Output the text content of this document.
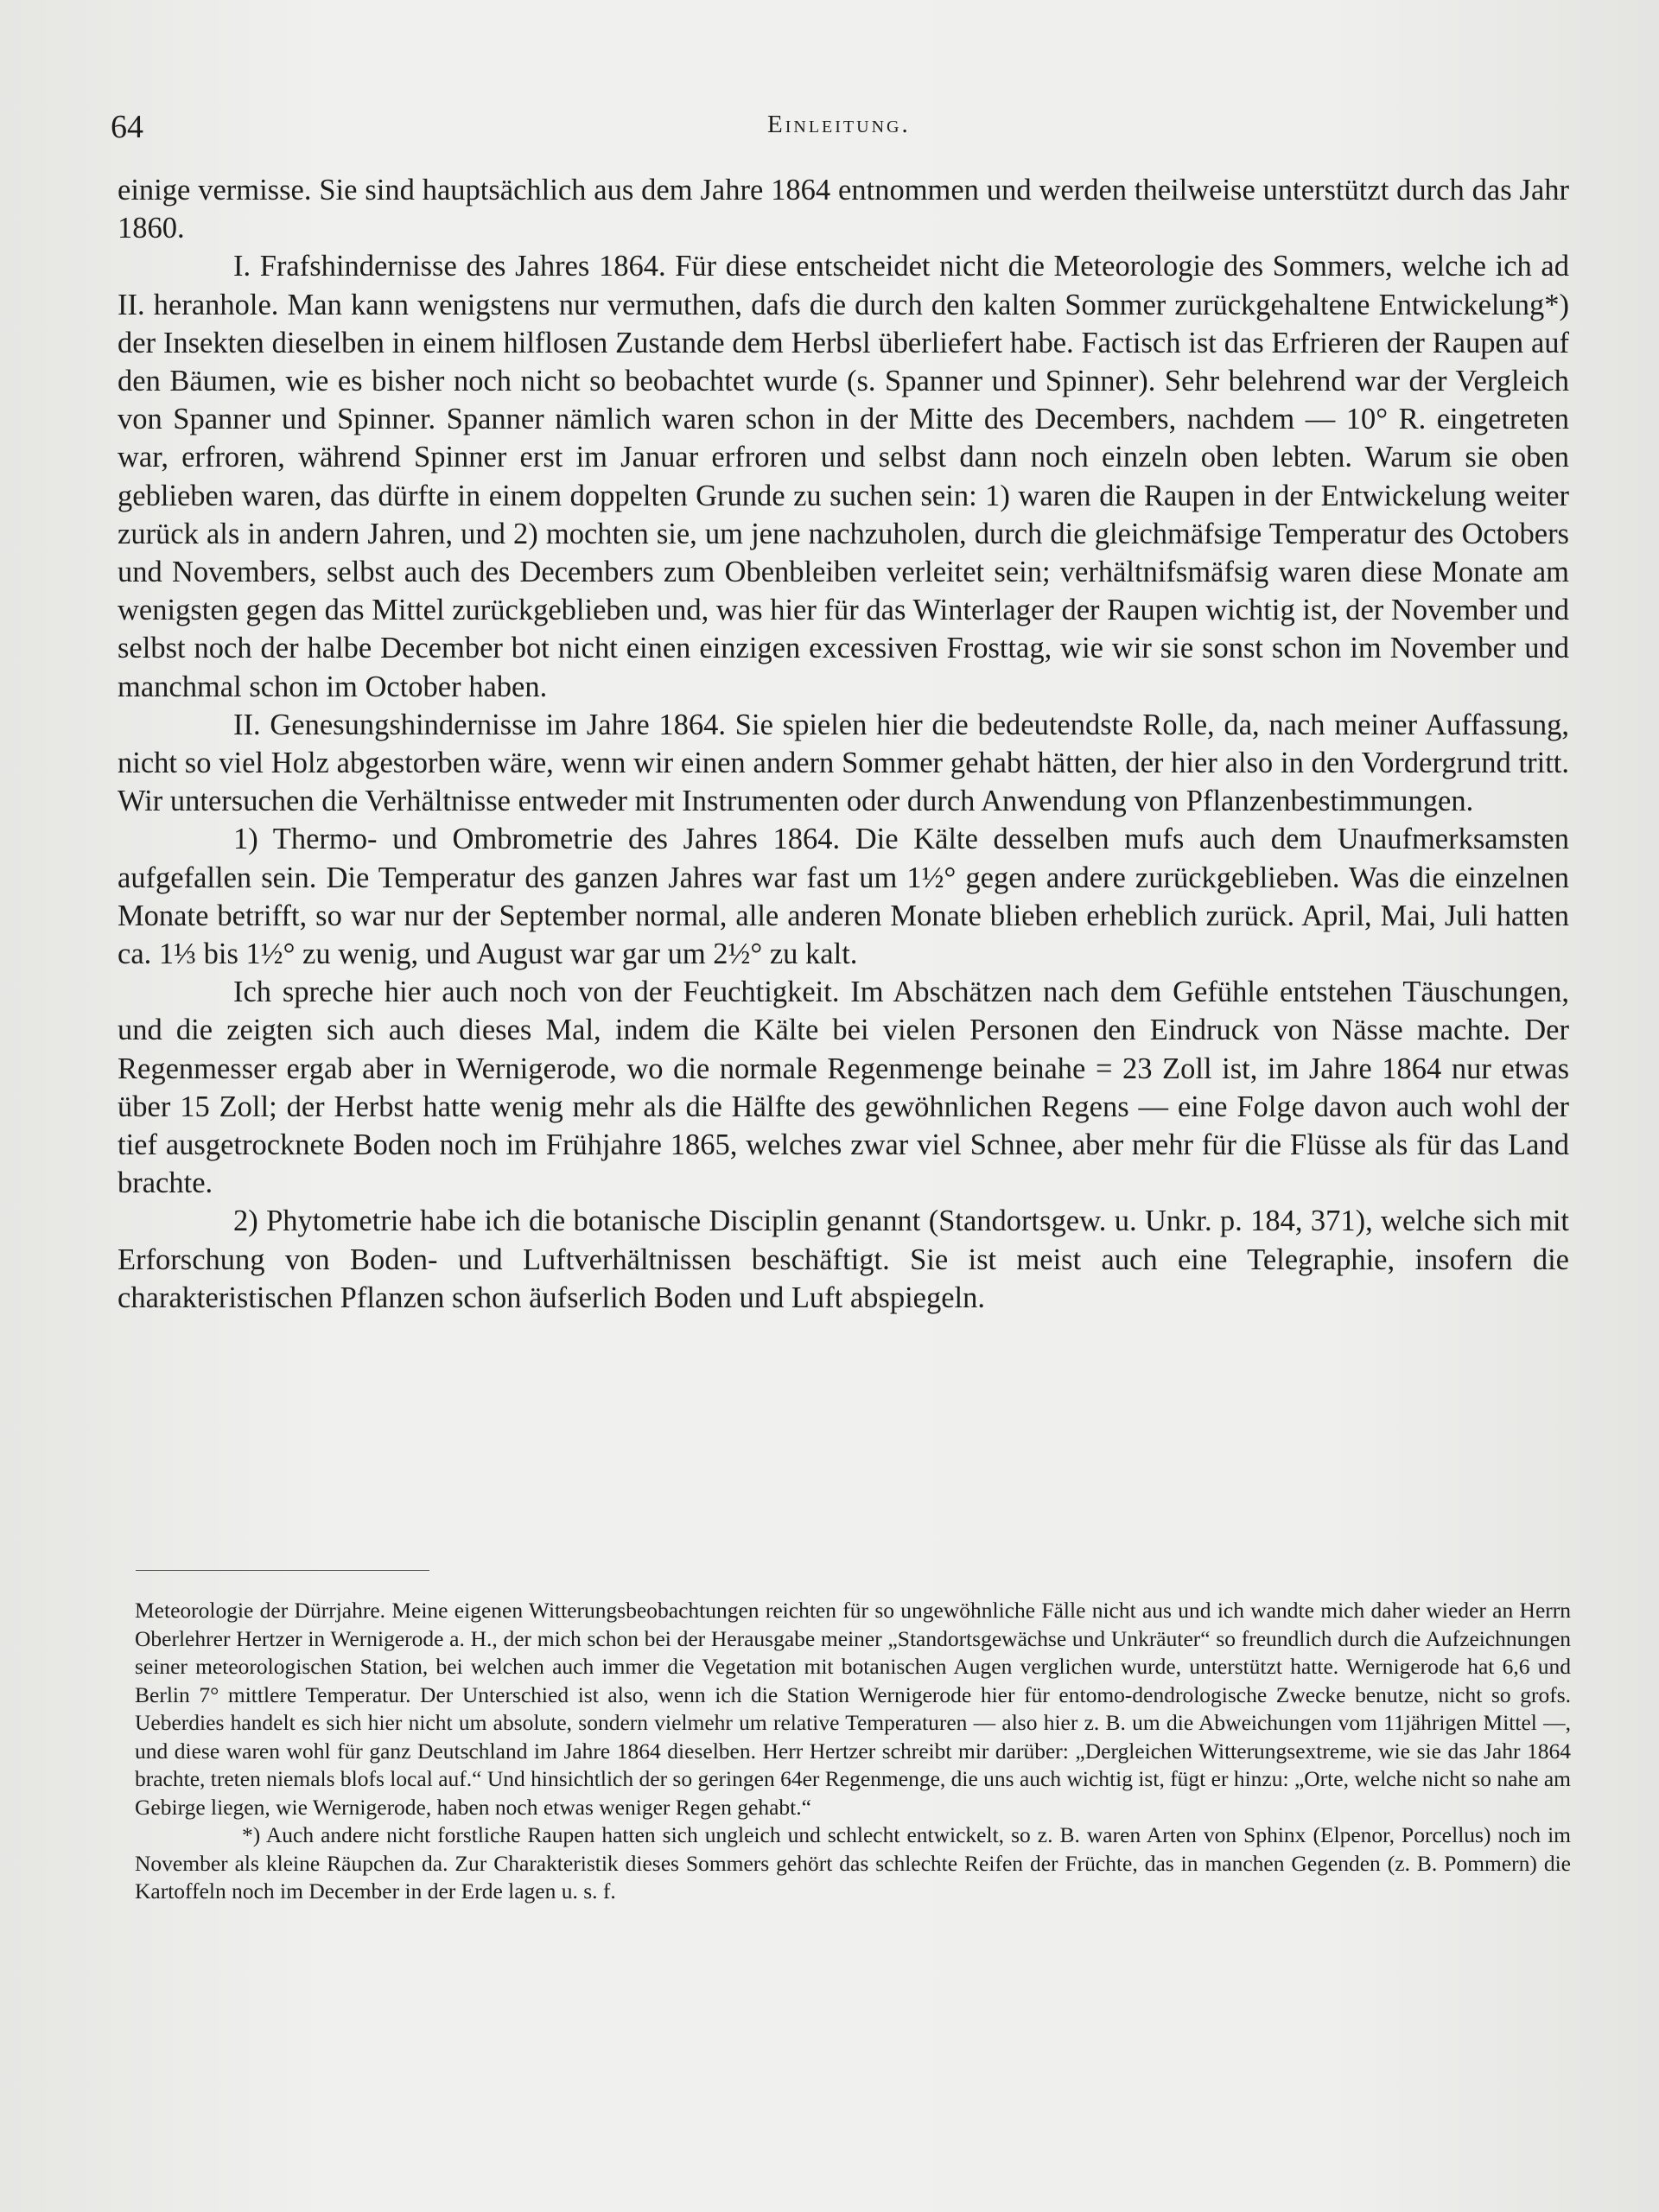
64	Einleitung.

einige vermisse. Sie sind hauptsächlich aus dem Jahre 1864 entnommen und werden theilweise unterstützt durch das Jahr 1860.

I. Frafshindernisse des Jahres 1864. Für diese entscheidet nicht die Meteorologie des Sommers, welche ich ad II. heranhole. Man kann wenigstens nur vermuthen, dafs die durch den kalten Sommer zurückgehaltene Entwickelung*) der Insekten dieselben in einem hilflosen Zustande dem Herbsl überliefert habe. Factisch ist das Erfrieren der Raupen auf den Bäumen, wie es bisher noch nicht so beobachtet wurde (s. Spanner und Spinner). Sehr belehrend war der Vergleich von Spanner und Spinner. Spanner nämlich waren schon in der Mitte des Decembers, nachdem — 10° R. eingetreten war, erfroren, während Spinner erst im Januar erfroren und selbst dann noch einzeln oben lebten. Warum sie oben geblieben waren, das dürfte in einem doppelten Grunde zu suchen sein: 1) waren die Raupen in der Entwickelung weiter zurück als in andern Jahren, und 2) mochten sie, um jene nachzuholen, durch die gleichmäfsige Temperatur des Octobers und Novembers, selbst auch des Decembers zum Obenbleiben verleitet sein; verhältnifsmäfsig waren diese Monate am wenigsten gegen das Mittel zurückgeblieben und, was hier für das Winterlager der Raupen wichtig ist, der November und selbst noch der halbe December bot nicht einen einzigen excessiven Frosttag, wie wir sie sonst schon im November und manchmal schon im October haben.

II. Genesungshindernisse im Jahre 1864. Sie spielen hier die bedeutendste Rolle, da, nach meiner Auffassung, nicht so viel Holz abgestorben wäre, wenn wir einen andern Sommer gehabt hätten, der hier also in den Vordergrund tritt. Wir untersuchen die Verhältnisse entweder mit Instrumenten oder durch Anwendung von Pflanzenbestimmungen.

1) Thermo- und Ombrometrie des Jahres 1864. Die Kälte desselben mufs auch dem Unaufmerksamsten aufgefallen sein. Die Temperatur des ganzen Jahres war fast um 1½° gegen andere zurückgeblieben. Was die einzelnen Monate betrifft, so war nur der September normal, alle anderen Monate blieben erheblich zurück. April, Mai, Juli hatten ca. 1⅓ bis 1½° zu wenig, und August war gar um 2½° zu kalt.

Ich spreche hier auch noch von der Feuchtigkeit. Im Abschätzen nach dem Gefühle entstehen Täuschungen, und die zeigten sich auch dieses Mal, indem die Kälte bei vielen Personen den Eindruck von Nässe machte. Der Regenmesser ergab aber in Wernigerode, wo die normale Regenmenge beinahe = 23 Zoll ist, im Jahre 1864 nur etwas über 15 Zoll; der Herbst hatte wenig mehr als die Hälfte des gewöhnlichen Regens — eine Folge davon auch wohl der tief ausgetrocknete Boden noch im Frühjahre 1865, welches zwar viel Schnee, aber mehr für die Flüsse als für das Land brachte.

2) Phytometrie habe ich die botanische Disciplin genannt (Standortsgew. u. Unkr. p. 184, 371), welche sich mit Erforschung von Boden- und Luftverhältnissen beschäftigt. Sie ist meist auch eine Telegraphie, insofern die charakteristischen Pflanzen schon äufserlich Boden und Luft abspiegeln.

Meteorologie der Dürrjahre. Meine eigenen Witterungsbeobachtungen reichten für so ungewöhnliche Fälle nicht aus und ich wandte mich daher wieder an Herrn Oberlehrer Hertzer in Wernigerode a. H., der mich schon bei der Herausgabe meiner „Standortsgewächse und Unkräuter“ so freundlich durch die Aufzeichnungen seiner meteorologischen Station, bei welchen auch immer die Vegetation mit botanischen Augen verglichen wurde, unterstützt hatte. Wernigerode hat 6,6 und Berlin 7° mittlere Temperatur. Der Unterschied ist also, wenn ich die Station Wernigerode hier für entomo-dendrologische Zwecke benutze, nicht so grofs. Ueberdies handelt es sich hier nicht um absolute, sondern vielmehr um relative Temperaturen — also hier z. B. um die Abweichungen vom 11jährigen Mittel —, und diese waren wohl für ganz Deutschland im Jahre 1864 dieselben. Herr Hertzer schreibt mir darüber: „Dergleichen Witterungsextreme, wie sie das Jahr 1864 brachte, treten niemals blofs local auf.“ Und hinsichtlich der so geringen 64er Regenmenge, die uns auch wichtig ist, fügt er hinzu: „Orte, welche nicht so nahe am Gebirge liegen, wie Wernigerode, haben noch etwas weniger Regen gehabt.“

*) Auch andere nicht forstliche Raupen hatten sich ungleich und schlecht entwickelt, so z. B. waren Arten von Sphinx (Elpenor, Porcellus) noch im November als kleine Räupchen da. Zur Charakteristik dieses Sommers gehört das schlechte Reifen der Früchte, das in manchen Gegenden (z. B. Pommern) die Kartoffeln noch im December in der Erde lagen u. s. f.
